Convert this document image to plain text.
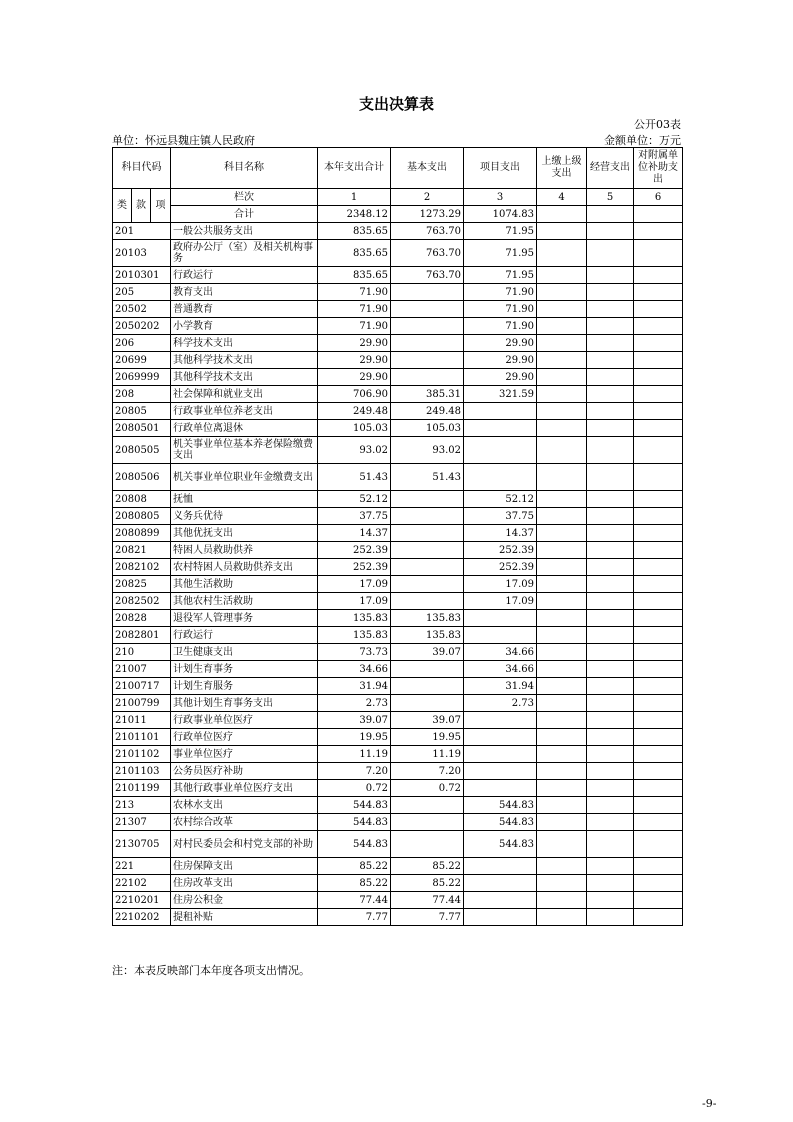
支出决算表
公开03表
单位：怀远县魏庄镇人民政府	金额单位：万元
科目代码			科目名称	本年支出合计	基本支出	项目支出	上缴上级支出	经营支出	对附属单位补助支出
类	款	项	栏次	1	2	3	4	5	6
			合计	2348.12	1273.29	1074.83			
201			一般公共服务支出	835.65	763.70	71.95			
20103			政府办公厅（室）及相关机构事务	835.65	763.70	71.95			
2010301			行政运行	835.65	763.70	71.95			
205			教育支出	71.90		71.90			
20502			普通教育	71.90		71.90			
2050202			小学教育	71.90		71.90			
206			科学技术支出	29.90		29.90			
20699			其他科学技术支出	29.90		29.90			
2069999			其他科学技术支出	29.90		29.90			
208			社会保障和就业支出	706.90	385.31	321.59			
20805			行政事业单位养老支出	249.48	249.48				
2080501			行政单位离退休	105.03	105.03				
2080505			机关事业单位基本养老保险缴费支出	93.02	93.02				
2080506			机关事业单位职业年金缴费支出	51.43	51.43				
20808			抚恤	52.12		52.12			
2080805			义务兵优待	37.75		37.75			
2080899			其他优抚支出	14.37		14.37			
20821			特困人员救助供养	252.39		252.39			
2082102			农村特困人员救助供养支出	252.39		252.39			
20825			其他生活救助	17.09		17.09			
2082502			其他农村生活救助	17.09		17.09			
20828			退役军人管理事务	135.83	135.83				
2082801			行政运行	135.83	135.83				
210			卫生健康支出	73.73	39.07	34.66			
21007			计划生育事务	34.66		34.66			
2100717			计划生育服务	31.94		31.94			
2100799			其他计划生育事务支出	2.73		2.73			
21011			行政事业单位医疗	39.07	39.07				
2101101			行政单位医疗	19.95	19.95				
2101102			事业单位医疗	11.19	11.19				
2101103			公务员医疗补助	7.20	7.20				
2101199			其他行政事业单位医疗支出	0.72	0.72				
213			农林水支出	544.83		544.83			
21307			农村综合改革	544.83		544.83			
2130705			对村民委员会和村党支部的补助	544.83		544.83			
221			住房保障支出	85.22	85.22				
22102			住房改革支出	85.22	85.22				
2210201			住房公积金	77.44	77.44				
2210202			提租补贴	7.77	7.77				
注：本表反映部门本年度各项支出情况。
-9-
